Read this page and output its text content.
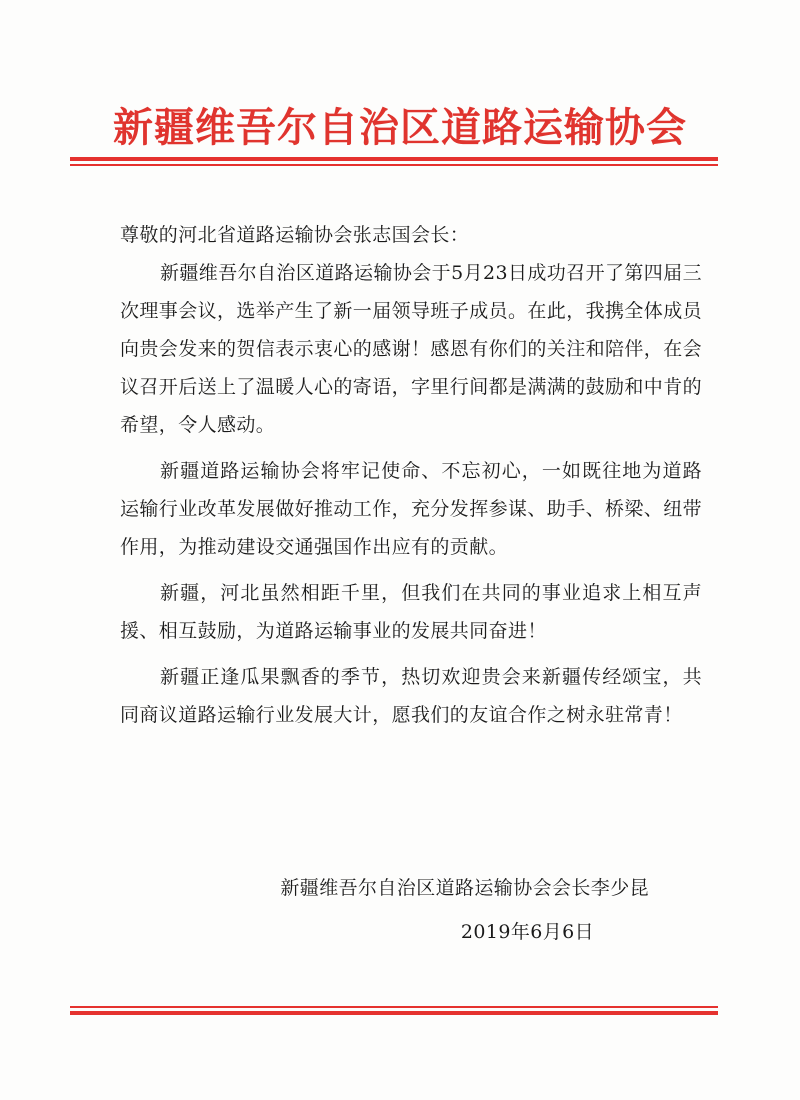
新疆维吾尔自治区道路运输协会

尊敬的河北省道路运输协会张志国会长：

新疆维吾尔自治区道路运输协会于5月23日成功召开了第四届三次理事会议，选举产生了新一届领导班子成员。在此，我携全体成员向贵会发来的贺信表示衷心的感谢！感恩有你们的关注和陪伴，在会议召开后送上了温暖人心的寄语，字里行间都是满满的鼓励和中肯的希望，令人感动。

新疆道路运输协会将牢记使命、不忘初心，一如既往地为道路运输行业改革发展做好推动工作，充分发挥参谋、助手、桥梁、纽带作用，为推动建设交通强国作出应有的贡献。

新疆，河北虽然相距千里，但我们在共同的事业追求上相互声援、相互鼓励，为道路运输事业的发展共同奋进！

新疆正逢瓜果飘香的季节，热切欢迎贵会来新疆传经颂宝，共同商议道路运输行业发展大计，愿我们的友谊合作之树永驻常青！

新疆维吾尔自治区道路运输协会会长李少昆
2019年6月6日
